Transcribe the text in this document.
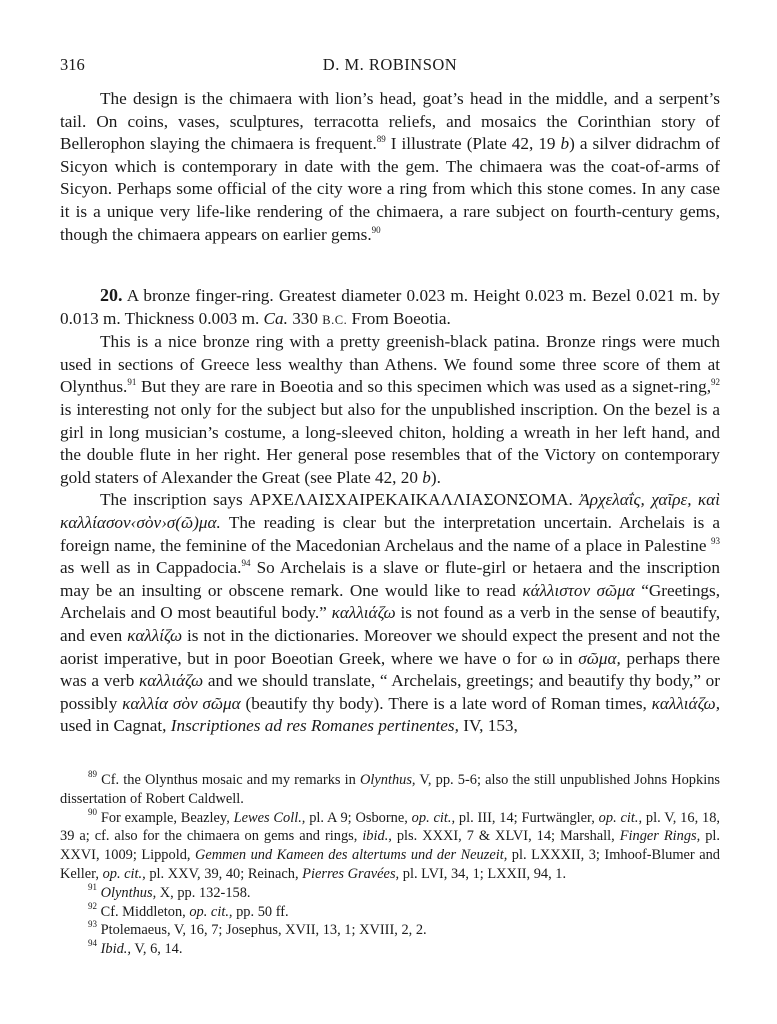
316	D. M. ROBINSON

The design is the chimaera with lion’s head, goat’s head in the middle, and a serpent’s tail. On coins, vases, sculptures, terracotta reliefs, and mosaics the Corinthian story of Bellerophon slaying the chimaera is frequent.$^{89}$ I illustrate (Plate 42, 19 b) a silver didrachm of Sicyon which is contemporary in date with the gem. The chimaera was the coat-of-arms of Sicyon. Perhaps some official of the city wore a ring from which this stone comes. In any case it is a unique very life-like rendering of the chimaera, a rare subject on fourth-century gems, though the chimaera appears on earlier gems.$^{90}$

20. A bronze finger-ring. Greatest diameter 0.023 m. Height 0.023 m. Bezel 0.021 m. by 0.013 m. Thickness 0.003 m. Ca. 330 B.C. From Boeotia.

This is a nice bronze ring with a pretty greenish-black patina. Bronze rings were much used in sections of Greece less wealthy than Athens. We found some three score of them at Olynthus.$^{91}$ But they are rare in Boeotia and so this specimen which was used as a signet-ring,$^{92}$ is interesting not only for the subject but also for the unpublished inscription. On the bezel is a girl in long musician’s costume, a long-sleeved chiton, holding a wreath in her left hand, and the double flute in her right. Her general pose resembles that of the Victory on contemporary gold staters of Alexander the Great (see Plate 42, 20 b).

The inscription says ΑΡΧΕΛΑΙΣΧΑΙΡΕΚΑΙΚΑΛΛΙΑΣΟΝΣΟΜΑ. Ἀρχελαΐς, χαῖρε, καὶ καλλίασον‹σὸν›σ(ῶ)μα. The reading is clear but the interpretation uncertain. Archelais is a foreign name, the feminine of the Macedonian Archelaus and the name of a place in Palestine $^{93}$ as well as in Cappadocia.$^{94}$ So Archelais is a slave or flute-girl or hetaera and the inscription may be an insulting or obscene remark. One would like to read κάλλιστον σῶμα “Greetings, Archelais and O most beautiful body.” καλλιάζω is not found as a verb in the sense of beautify, and even καλλίζω is not in the dictionaries. Moreover we should expect the present and not the aorist imperative, but in poor Boeotian Greek, where we have ο for ω in σῶμα, perhaps there was a verb καλλιάζω and we should translate, “ Archelais, greetings; and beautify thy body,” or possibly καλλία σὸν σῶμα (beautify thy body). There is a late word of Roman times, καλλιάζω, used in Cagnat, Inscriptiones ad res Romanes pertinentes, IV, 153,

$^{89}$ Cf. the Olynthus mosaic and my remarks in Olynthus, V, pp. 5-6; also the still unpublished Johns Hopkins dissertation of Robert Caldwell.

$^{90}$ For example, Beazley, Lewes Coll., pl. A 9; Osborne, op. cit., pl. III, 14; Furtwängler, op. cit., pl. V, 16, 18, 39 a; cf. also for the chimaera on gems and rings, ibid., pls. XXXI, 7 & XLVI, 14; Marshall, Finger Rings, pl. XXVI, 1009; Lippold, Gemmen und Kameen des altertums und der Neuzeit, pl. LXXXII, 3; Imhoof-Blumer and Keller, op. cit., pl. XXV, 39, 40; Reinach, Pierres Gravées, pl. LVI, 34, 1; LXXII, 94, 1.

$^{91}$ Olynthus, X, pp. 132-158.

$^{92}$ Cf. Middleton, op. cit., pp. 50 ff.

$^{93}$ Ptolemaeus, V, 16, 7; Josephus, XVII, 13, 1; XVIII, 2, 2.

$^{94}$ Ibid., V, 6, 14.
